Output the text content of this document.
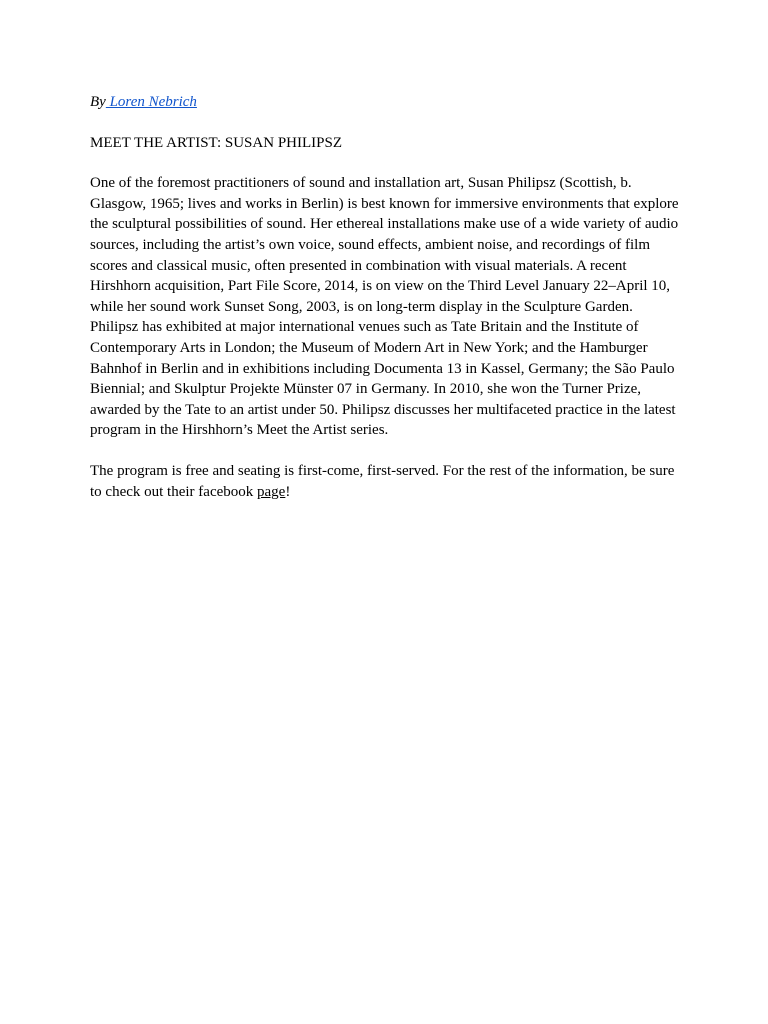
By Loren Nebrich

MEET THE ARTIST: SUSAN PHILIPSZ

One of the foremost practitioners of sound and installation art, Susan Philipsz (Scottish, b. Glasgow, 1965; lives and works in Berlin) is best known for immersive environments that explore the sculptural possibilities of sound. Her ethereal installations make use of a wide variety of audio sources, including the artist’s own voice, sound effects, ambient noise, and recordings of film scores and classical music, often presented in combination with visual materials. A recent Hirshhorn acquisition, Part File Score, 2014, is on view on the Third Level January 22–April 10, while her sound work Sunset Song, 2003, is on long-term display in the Sculpture Garden. Philipsz has exhibited at major international venues such as Tate Britain and the Institute of Contemporary Arts in London; the Museum of Modern Art in New York; and the Hamburger Bahnhof in Berlin and in exhibitions including Documenta 13 in Kassel, Germany; the São Paulo Biennial; and Skulptur Projekte Münster 07 in Germany. In 2010, she won the Turner Prize, awarded by the Tate to an artist under 50. Philipsz discusses her multifaceted practice in the latest program in the Hirshhorn’s Meet the Artist series.

The program is free and seating is first-come, first-served. For the rest of the information, be sure to check out their facebook page!
